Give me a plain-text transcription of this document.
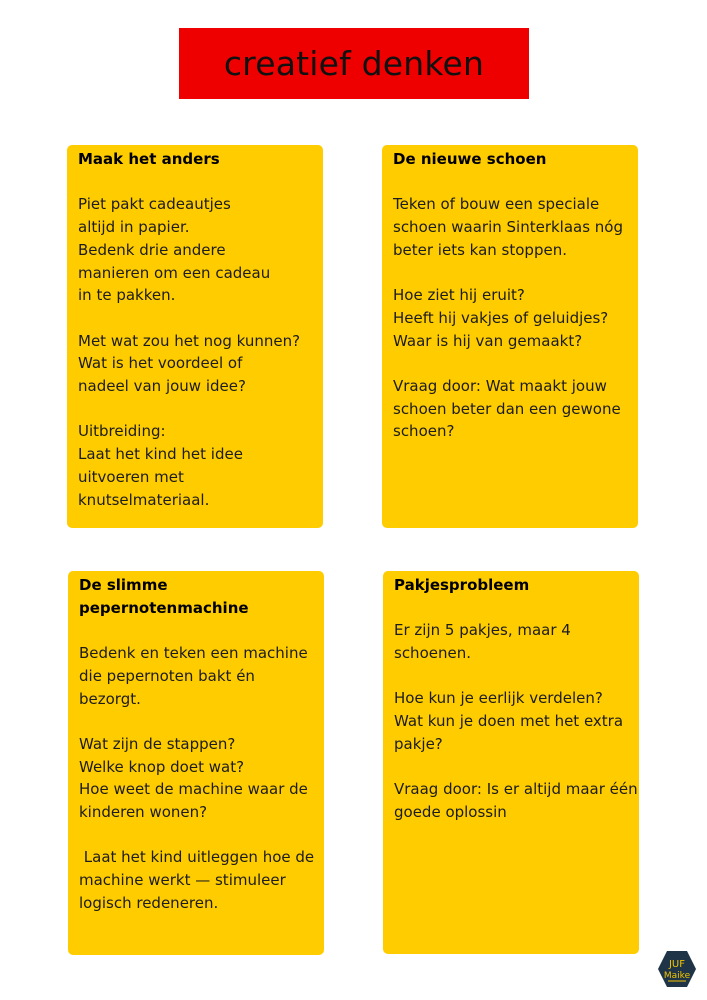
creatief denken
Maak het anders
Piet pakt cadeautjes
altijd in papier.
Bedenk drie andere
manieren om een cadeau
in te pakken.
Met wat zou het nog kunnen?
Wat is het voordeel of
nadeel van jouw idee?
Uitbreiding:
Laat het kind het idee
uitvoeren met
knutselmateriaal.
De nieuwe schoen
Teken of bouw een speciale
schoen waarin Sinterklaas nóg
beter iets kan stoppen.
Hoe ziet hij eruit?
Heeft hij vakjes of geluidjes?
Waar is hij van gemaakt?
Vraag door: Wat maakt jouw
schoen beter dan een gewone
schoen?
De slimme
pepernotenmachine
Bedenk en teken een machine
die pepernoten bakt én
bezorgt.
Wat zijn de stappen?
Welke knop doet wat?
Hoe weet de machine waar de
kinderen wonen?
Laat het kind uitleggen hoe de
machine werkt — stimuleer
logisch redeneren.
Pakjesprobleem
Er zijn 5 pakjes, maar 4
schoenen.
Hoe kun je eerlijk verdelen?
Wat kun je doen met het extra
pakje?
Vraag door: Is er altijd maar één
goede oplossin
JUF
Maike
